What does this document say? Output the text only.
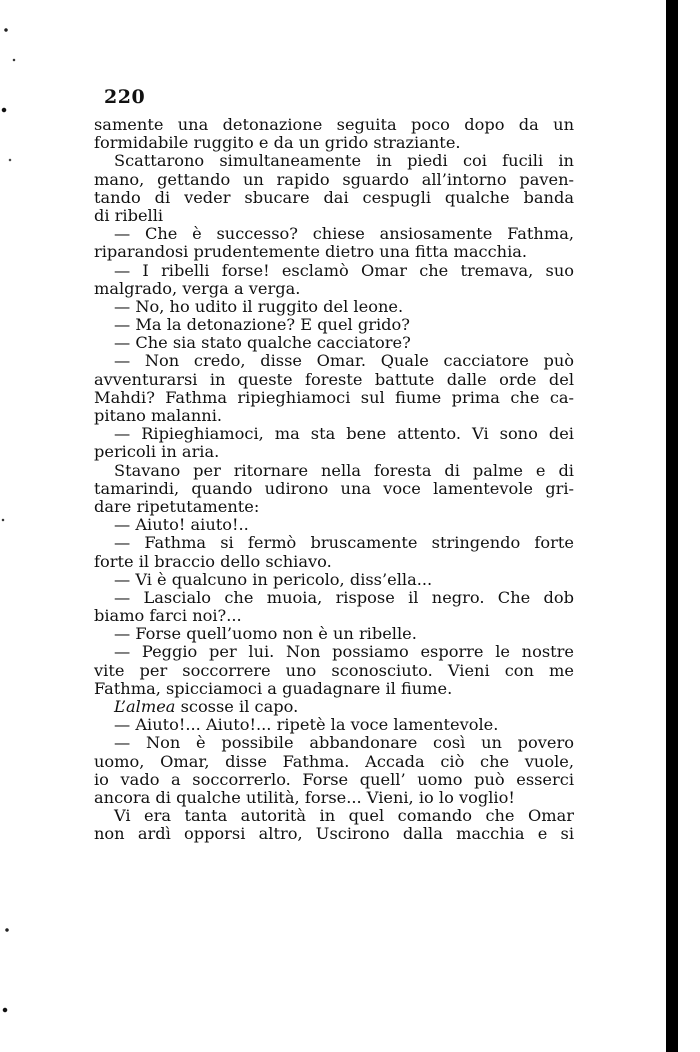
220
samente una detonazione seguita poco dopo da un
formidabile ruggito e da un grido straziante.
Scattarono simultaneamente in piedi coi fucili in
mano, gettando un rapido sguardo all’intorno paven-
tando di veder sbucare dai cespugli qualche banda
di ribelli
— Che è successo? chiese ansiosamente Fathma,
riparandosi prudentemente dietro una fitta macchia.
— I ribelli forse! esclamò Omar che tremava, suo
malgrado, verga a verga.
— No, ho udito il ruggito del leone.
— Ma la detonazione? E quel grido?
— Che sia stato qualche cacciatore?
— Non credo, disse Omar. Quale cacciatore può
avventurarsi in queste foreste battute dalle orde del
Mahdi? Fathma ripieghiamoci sul fiume prima che ca-
pitano malanni.
— Ripieghiamoci, ma sta bene attento. Vi sono dei
pericoli in aria.
Stavano per ritornare nella foresta di palme e di
tamarindi, quando udirono una voce lamentevole gri-
dare ripetutamente:
— Aiuto! aiuto!..
— Fathma si fermò bruscamente stringendo forte
forte il braccio dello schiavo.
— Vi è qualcuno in pericolo, diss’ella...
— Lascialo che muoia, rispose il negro. Che dob
biamo farci noi?...
— Forse quell’uomo non è un ribelle.
— Peggio per lui. Non possiamo esporre le nostre
vite per soccorrere uno sconosciuto. Vieni con me
Fathma, spicciamoci a guadagnare il fiume.
L’almea scosse il capo.
— Aiuto!... Aiuto!... ripetè la voce lamentevole.
— Non è possibile abbandonare così un povero
uomo, Omar, disse Fathma. Accada ciò che vuole,
io vado a soccorrerlo. Forse quell’ uomo può esserci
ancora di qualche utilità, forse... Vieni, io lo voglio!
Vi era tanta autorità in quel comando che Omar
non ardì opporsi altro, Uscirono dalla macchia e si
